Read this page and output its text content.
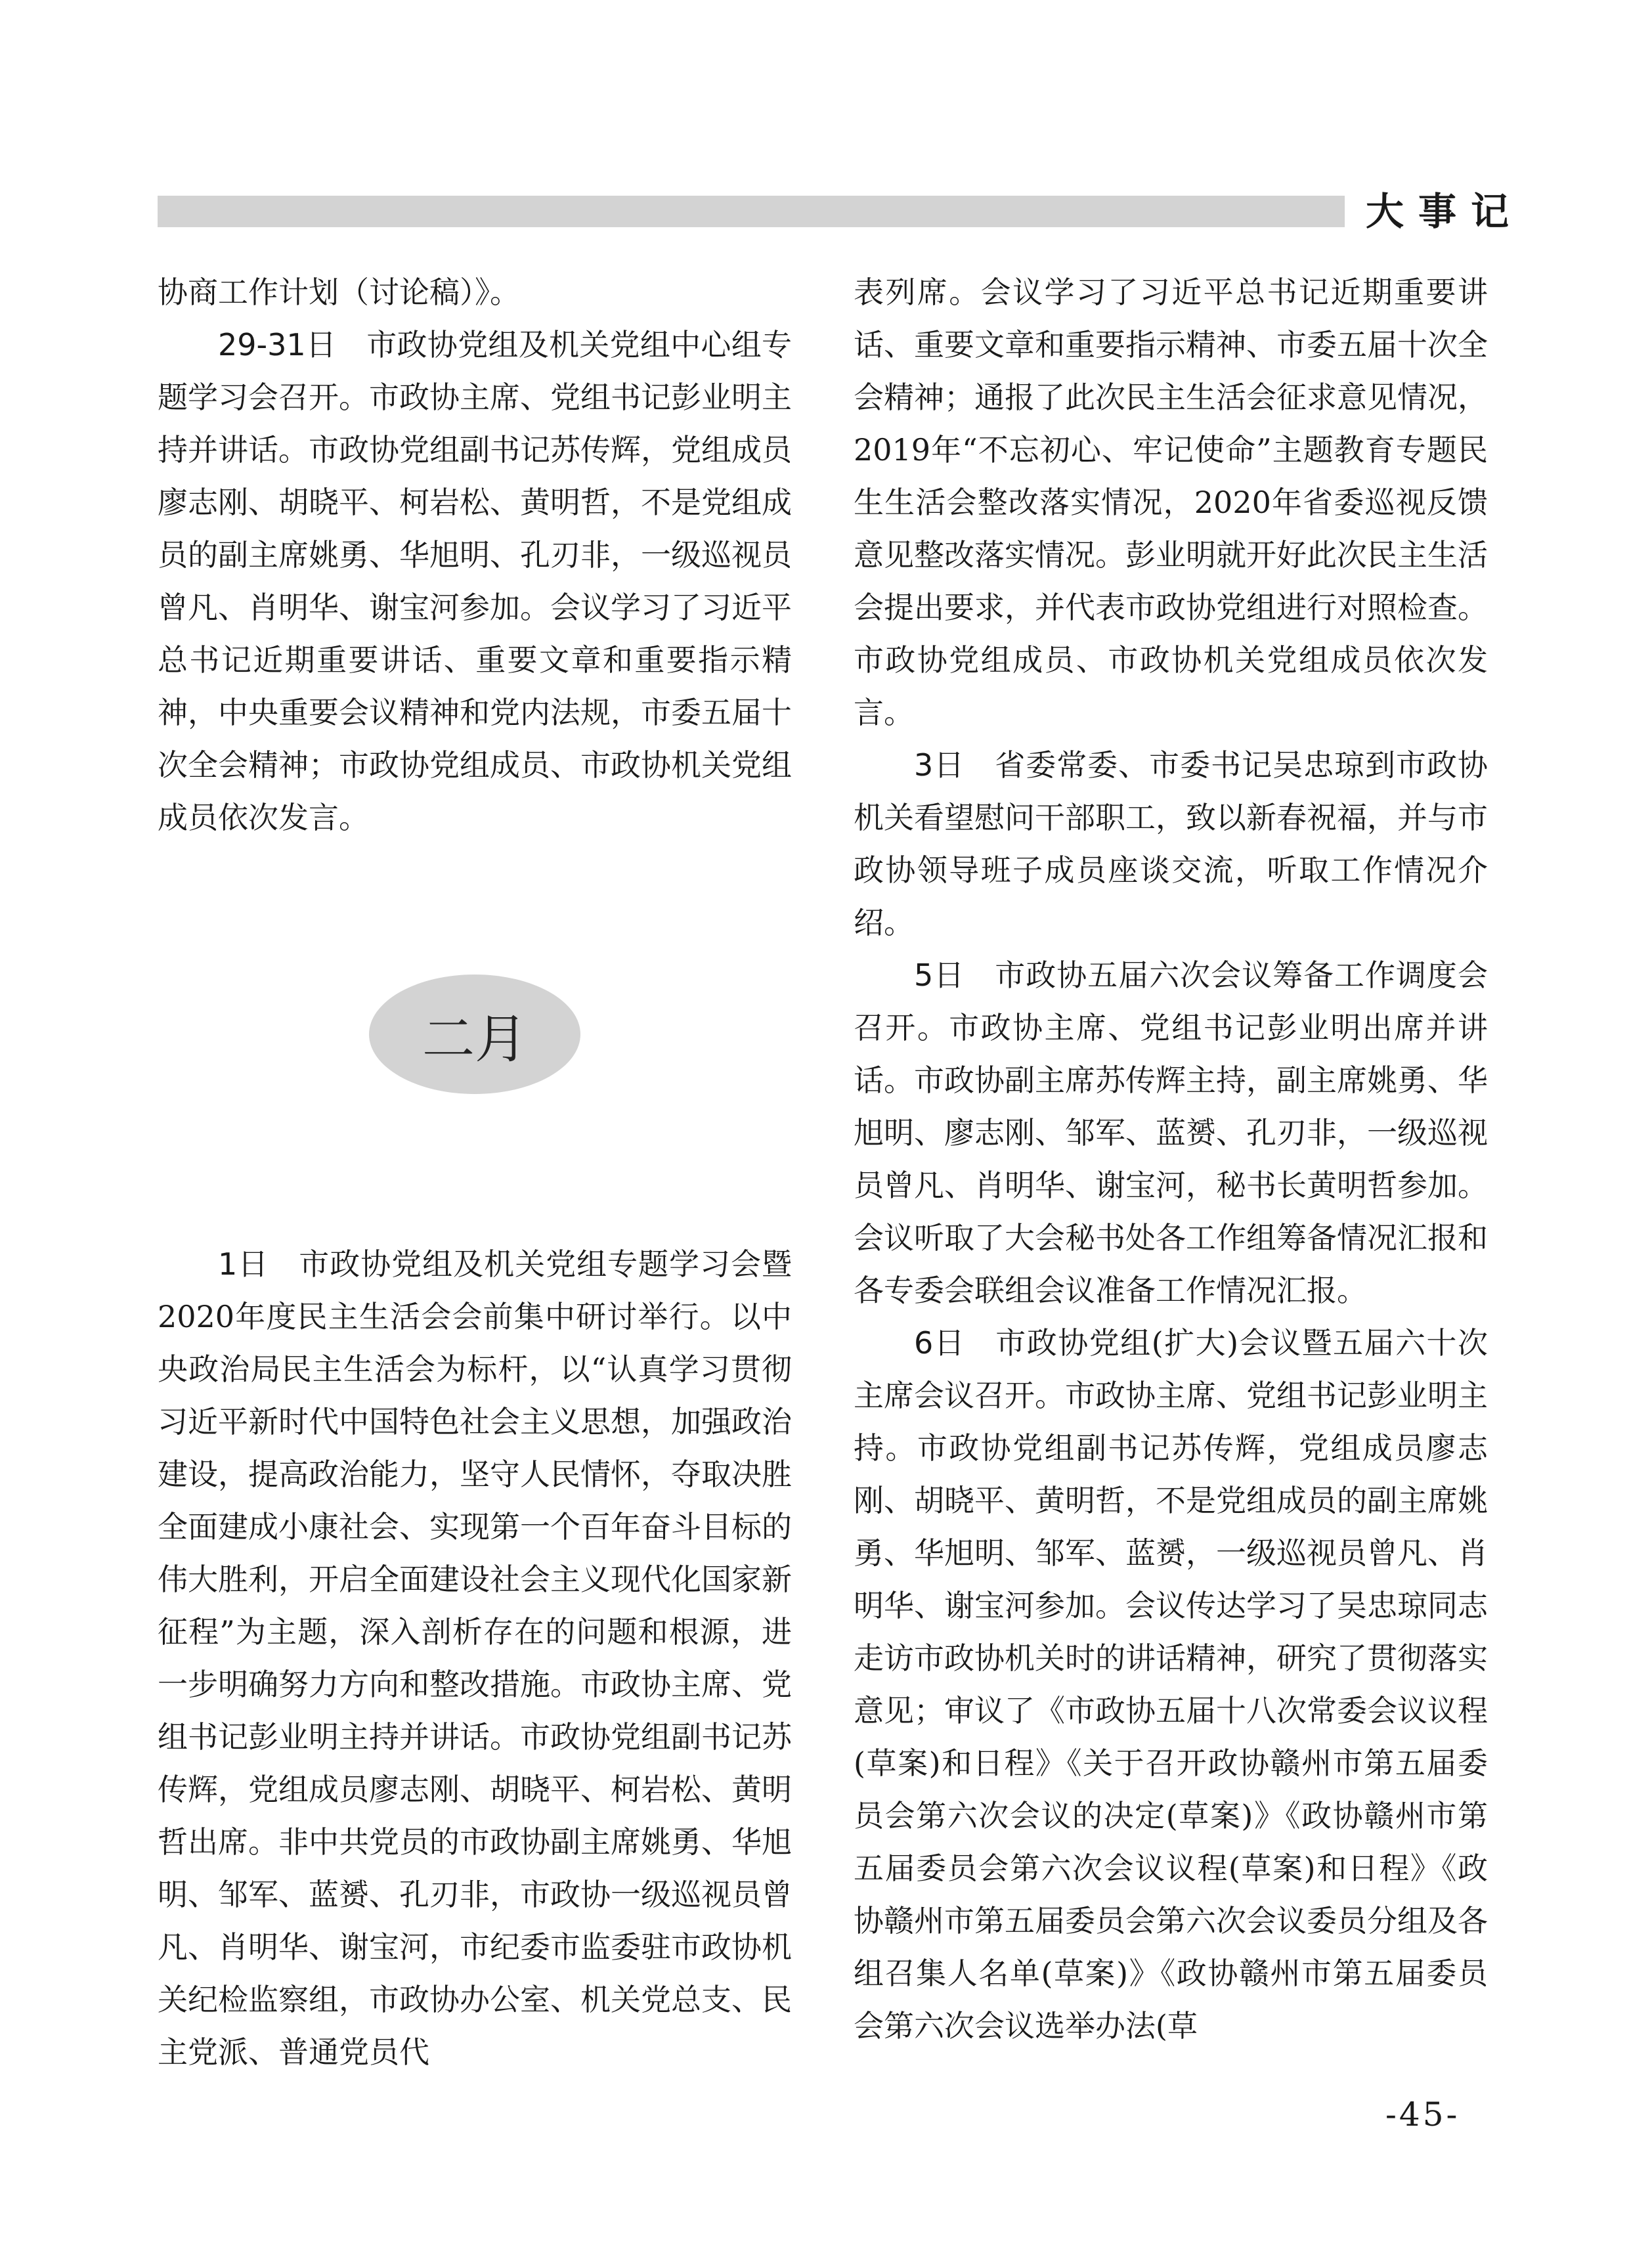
大事记

协商工作计划（讨论稿）》。

29-31日 市政协党组及机关党组中心组专题学习会召开。市政协主席、党组书记彭业明主持并讲话。市政协党组副书记苏传辉，党组成员廖志刚、胡晓平、柯岩松、黄明哲，不是党组成员的副主席姚勇、华旭明、孔刃非，一级巡视员曾凡、肖明华、谢宝河参加。会议学习了习近平总书记近期重要讲话、重要文章和重要指示精神，中央重要会议精神和党内法规，市委五届十次全会精神；市政协党组成员、市政协机关党组成员依次发言。

二月

1日 市政协党组及机关党组专题学习会暨2020年度民主生活会会前集中研讨举行。以中央政治局民主生活会为标杆，以“认真学习贯彻习近平新时代中国特色社会主义思想，加强政治建设，提高政治能力，坚守人民情怀，夺取决胜全面建成小康社会、实现第一个百年奋斗目标的伟大胜利，开启全面建设社会主义现代化国家新征程”为主题，深入剖析存在的问题和根源，进一步明确努力方向和整改措施。市政协主席、党组书记彭业明主持并讲话。市政协党组副书记苏传辉，党组成员廖志刚、胡晓平、柯岩松、黄明哲出席。非中共党员的市政协副主席姚勇、华旭明、邹军、蓝赟、孔刃非，市政协一级巡视员曾凡、肖明华、谢宝河，市纪委市监委驻市政协机关纪检监察组，市政协办公室、机关党总支、民主党派、普通党员代

表列席。会议学习了习近平总书记近期重要讲话、重要文章和重要指示精神、市委五届十次全会精神；通报了此次民主生活会征求意见情况，2019年“不忘初心、牢记使命”主题教育专题民生生活会整改落实情况，2020年省委巡视反馈意见整改落实情况。彭业明就开好此次民主生活会提出要求，并代表市政协党组进行对照检查。市政协党组成员、市政协机关党组成员依次发言。

3日 省委常委、市委书记吴忠琼到市政协机关看望慰问干部职工，致以新春祝福，并与市政协领导班子成员座谈交流，听取工作情况介绍。

5日 市政协五届六次会议筹备工作调度会召开。市政协主席、党组书记彭业明出席并讲话。市政协副主席苏传辉主持，副主席姚勇、华旭明、廖志刚、邹军、蓝赟、孔刃非，一级巡视员曾凡、肖明华、谢宝河，秘书长黄明哲参加。会议听取了大会秘书处各工作组筹备情况汇报和各专委会联组会议准备工作情况汇报。

6日 市政协党组(扩大)会议暨五届六十次主席会议召开。市政协主席、党组书记彭业明主持。市政协党组副书记苏传辉，党组成员廖志刚、胡晓平、黄明哲，不是党组成员的副主席姚勇、华旭明、邹军、蓝赟，一级巡视员曾凡、肖明华、谢宝河参加。会议传达学习了吴忠琼同志走访市政协机关时的讲话精神，研究了贯彻落实意见；审议了《市政协五届十八次常委会议议程(草案)和日程》《关于召开政协赣州市第五届委员会第六次会议的决定(草案)》《政协赣州市第五届委员会第六次会议议程(草案)和日程》《政协赣州市第五届委员会第六次会议委员分组及各组召集人名单(草案)》《政协赣州市第五届委员会第六次会议选举办法(草

-45-
